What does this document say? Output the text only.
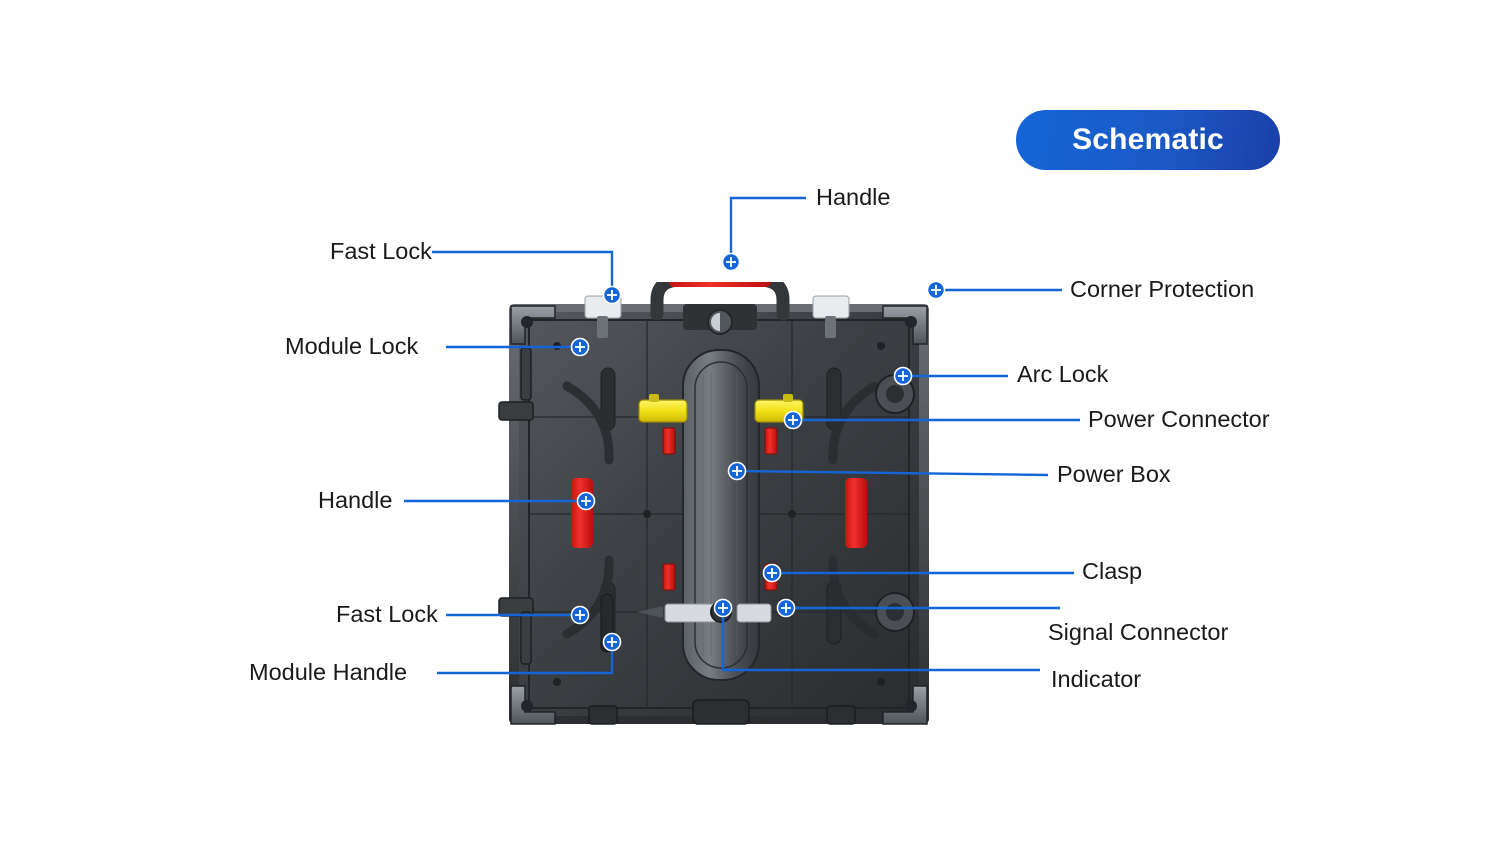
Schematic
Handle
Fast Lock
Corner Protection
Module Lock
Arc Lock
Power Connector
Power Box
Handle
Clasp
Fast Lock
Signal Connector
Module Handle	Indicator
